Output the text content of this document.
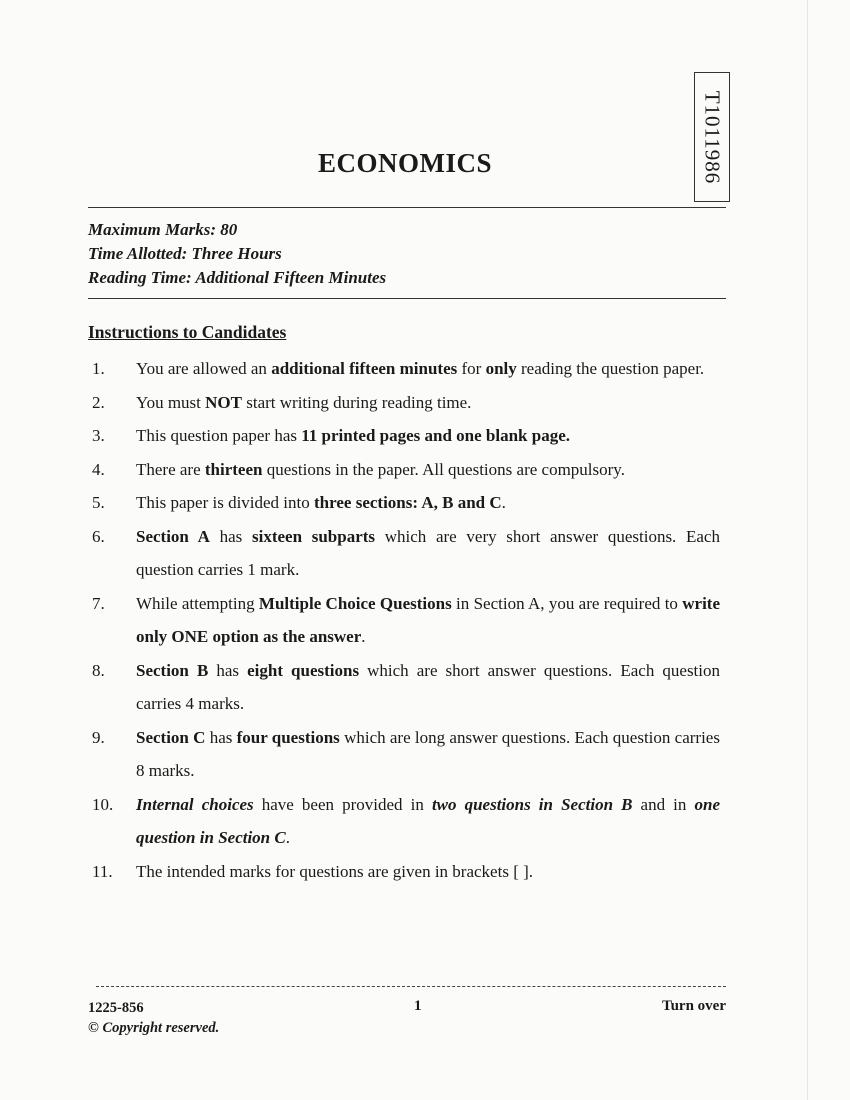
T1011986
ECONOMICS
Maximum Marks: 80
Time Allotted: Three Hours
Reading Time: Additional Fifteen Minutes
Instructions to Candidates
1.	You are allowed an additional fifteen minutes for only reading the question paper.
2.	You must NOT start writing during reading time.
3.	This question paper has 11 printed pages and one blank page.
4.	There are thirteen questions in the paper. All questions are compulsory.
5.	This paper is divided into three sections: A, B and C.
6.	Section A has sixteen subparts which are very short answer questions. Each question carries 1 mark.
7.	While attempting Multiple Choice Questions in Section A, you are required to write only ONE option as the answer.
8.	Section B has eight questions which are short answer questions. Each question carries 4 marks.
9.	Section C has four questions which are long answer questions. Each question carries 8 marks.
10.	Internal choices have been provided in two questions in Section B and in one question in Section C.
11.	The intended marks for questions are given in brackets [ ].
1225-856
© Copyright reserved.
1	Turn over
